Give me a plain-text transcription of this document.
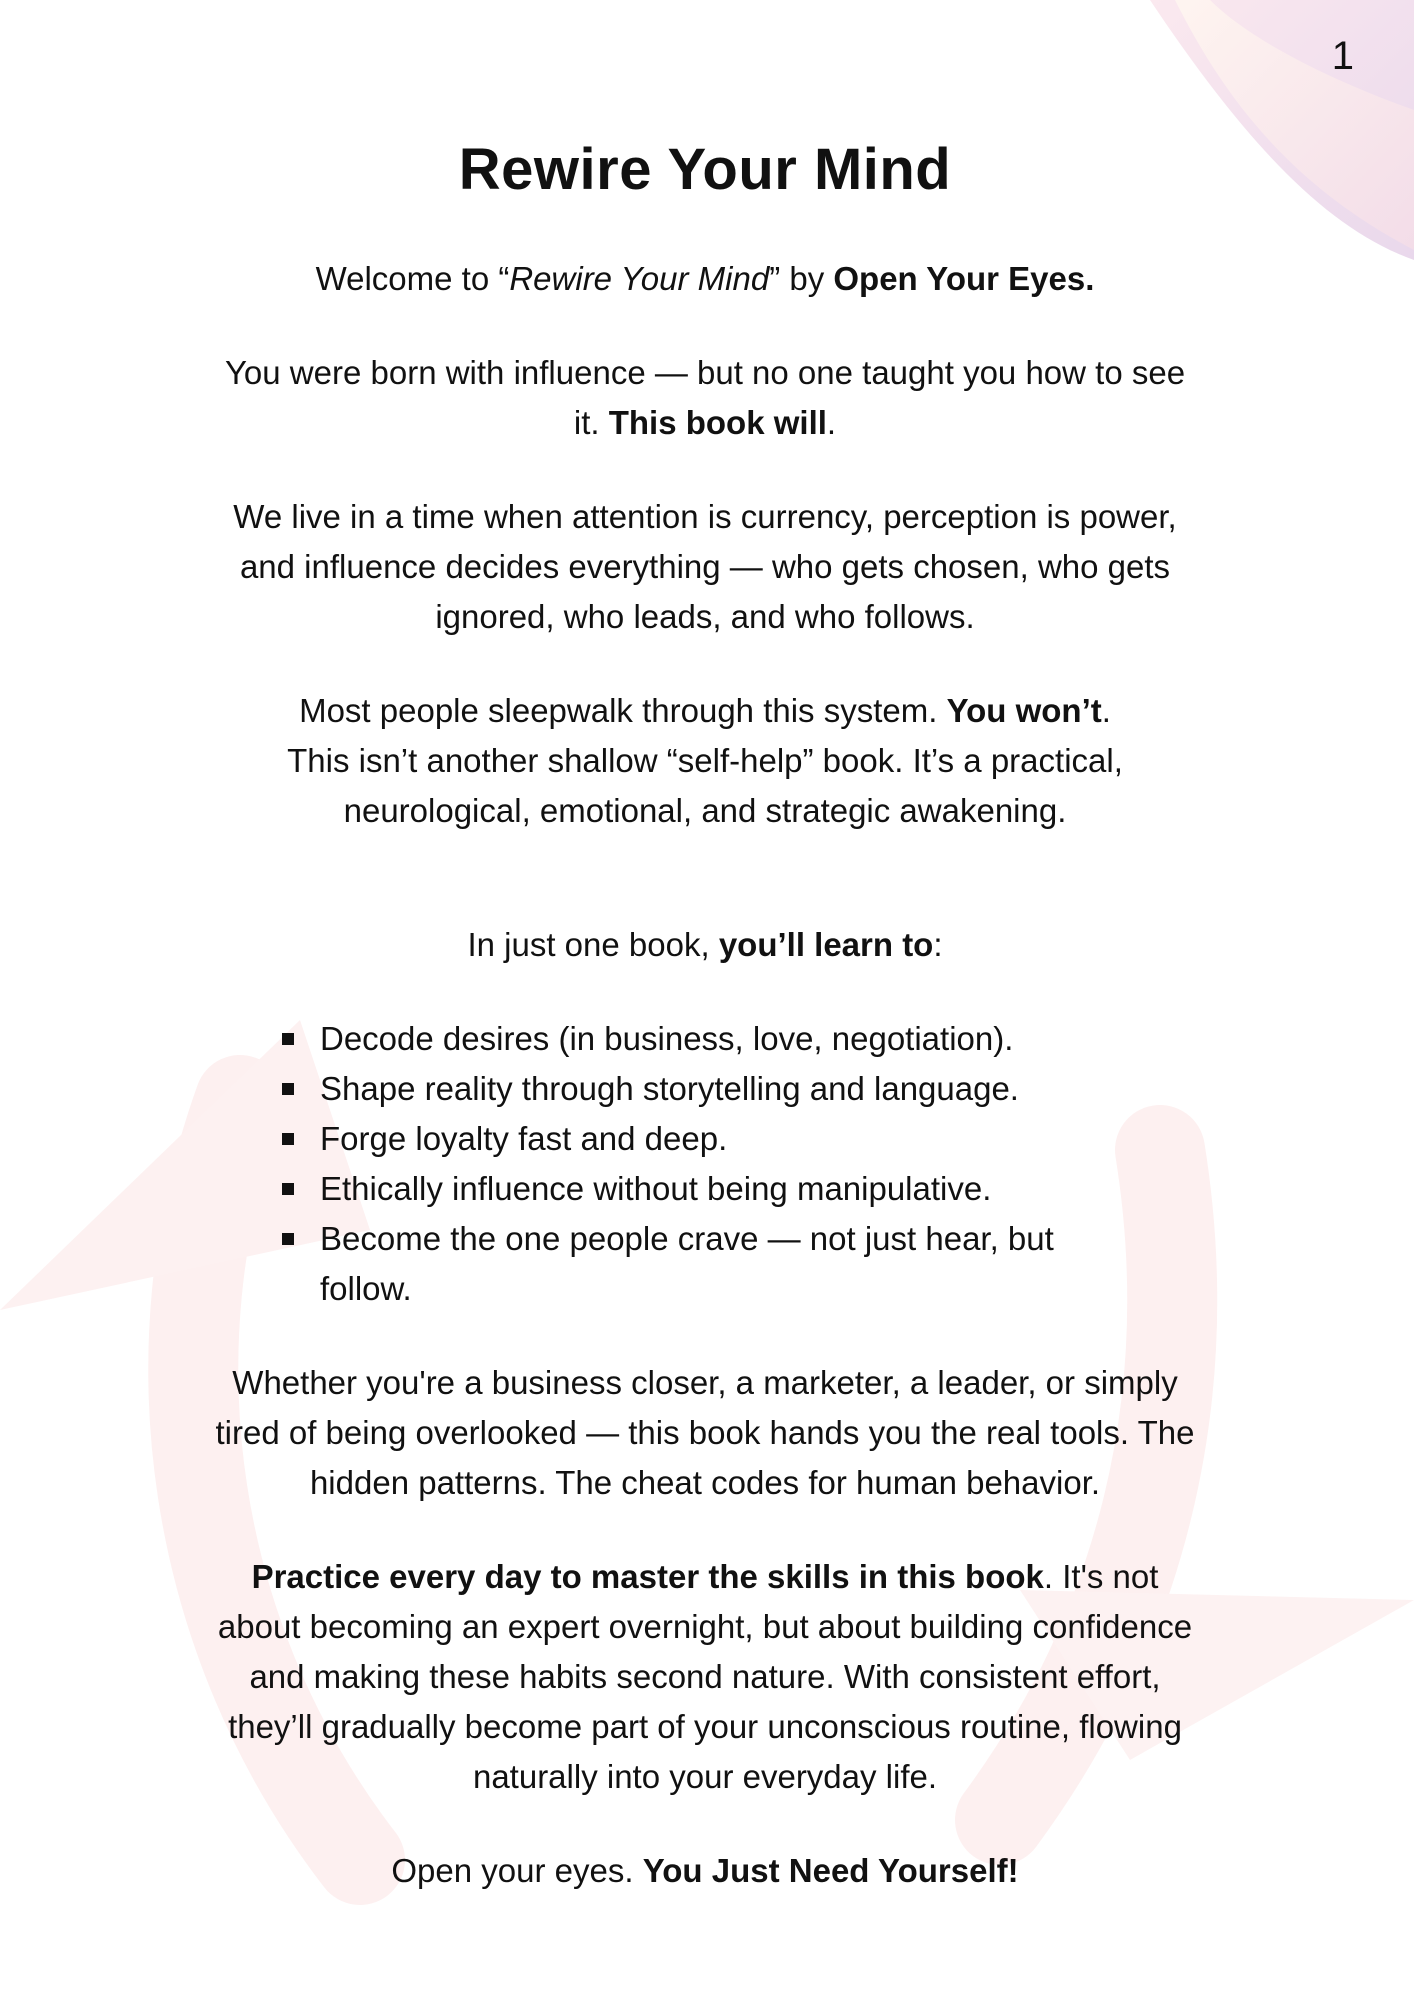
1
Rewire Your Mind

Welcome to “Rewire Your Mind” by Open Your Eyes.

You were born with influence — but no one taught you how to see
it. This book will.

We live in a time when attention is currency, perception is power,
and influence decides everything — who gets chosen, who gets
ignored, who leads, and who follows.

Most people sleepwalk through this system. You won’t.
This isn’t another shallow “self-help” book. It’s a practical,
neurological, emotional, and strategic awakening.

In just one book, you’ll learn to:

Decode desires (in business, love, negotiation).
Shape reality through storytelling and language.
Forge loyalty fast and deep.
Ethically influence without being manipulative.
Become the one people crave — not just hear, but
follow.

Whether you're a business closer, a marketer, a leader, or simply
tired of being overlooked — this book hands you the real tools. The
hidden patterns. The cheat codes for human behavior.

Practice every day to master the skills in this book. It's not
about becoming an expert overnight, but about building confidence
and making these habits second nature. With consistent effort,
they’ll gradually become part of your unconscious routine, flowing
naturally into your everyday life.

Open your eyes. You Just Need Yourself!
